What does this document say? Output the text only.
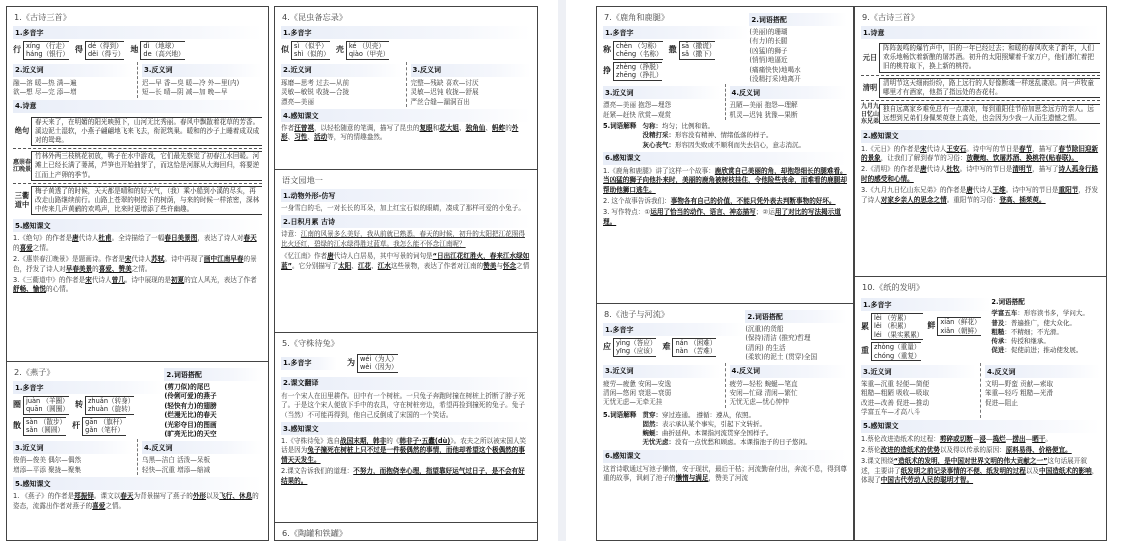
1.《古诗三首》
1.多音字
行 xíng （行走）
háng（银行）
得 dé（得到）
děi（得亏）
地 dì （地球）
de（高兴地）
2.近义词
融—溶 暖—热 满—遍
欲—想 尽—完 添—增
3.反义词
迟—早 香—臭 暖—冷 外—里(内)
短—长 晴—阴 减—加 晚—早
4.诗意
绝句
春天来了，在明媚的阳光映照下，山河无比秀丽。春风中飘散着花草的芳香。溪边泥土湿软，小燕子翩翩地飞来飞去，衔泥筑巢。暖和的沙子上睡着成双成对的鸳鸯。
惠崇春江晚景
竹林外两三枝桃花初放，鸭子在水中游戏，它们最先察觉了初春江水回暖。河滩上已经长满了蒌蒿，芦笋也开始抽芽了，而这恰是河豚从大海回归，将要逆江而上产卵的季节。
三衢道中
梅子黄透了的时候，天天都是晴和的好天气，（我）乘小船到小溪的尽头，再改走山路继续前行。山路上苍翠的树投下的树荫，与来的时候一样浓密，深林中传来几声黄鹂的欢鸣声，比来时更增添了些许幽趣。
5.感知课文
1.《绝句》的作者是唐代诗人杜甫。全诗描绘了一幅春日美景图，表达了诗人对春天的喜爱之情。
2.《惠崇春江晚景》是题画诗。作者是宋代诗人苏轼。诗中再现了画中江南早春的景色，抒发了诗人对早春美景的喜爱、赞美之情。
3.《三衢道中》的作者是宋代诗人曾几。诗中展现的是初夏的宜人风光，表达了作者舒畅、愉悦的心情。
2.《燕子》
1.多音字
圈 juàn （羊圈）
quān（圆圈）
转 zhuǎn（转身）
zhuàn（旋转）
散 sàn （散步）
sǎn（圆圆）
杆 gān （旗杆）
gǎn（笔杆）
2.词语搭配
(剪刀似)的尾巴
(伶俐可爱)的燕子
(轻快有力)的翅膀
(烂漫无比)的春天
(光彩夺目)的图画
(旷亮无比)的天空
3.近义词
俊俏—俊美 偶尔—偶然
增添—平添 聚拢—聚集
4.反义词
乌黑—洁白 活泼—呆板
轻快—沉重 增添—缩减
5.感知课文
1. 《燕子》的作者是郑振铎。课文以春天为背景描写了燕子的外形以及飞行、休息的姿态，流露出作者对燕子的喜爱之情。
4.《昆虫备忘录》
1.多音字
似 sì （似乎）
shì（似的）
壳 ké （贝壳）
qiào（甲壳）
2.近义词
琢磨—思考 过去—从前
灵敏—敏锐 收拢—合拢
漂亮—美丽
3.反义词
完整—残缺 喜欢—讨厌
灵敏—迟钝 收拢—舒展
严丝合缝—漏洞百出
4.感知课文
作者汪曾祺，以轻松随意的笔调，描写了昆虫的复眼和花大姐、独角仙、蚂蚱的外形、习性、活动等，写的情趣盎然。
语文园地一
1.动物外形-仿写
一身雪白的毛，一对长长的耳朵，加上红宝石似的眼睛，凑成了那样可爱的小兔子。
2.日积月累 古诗
诗意：江南的风景多么美好，我从前就已熟悉，春天的时候，初升的太阳把江花照得比火还红，碧绿的江水绿得胜过蓝草。我怎么能不怀念江南呢？
《忆江南》作者唐代诗人白居易，其中写景的词句是“日出江花红胜火，春来江水绿如蓝”。它分别描写了太阳、江花、江水这些景物，表达了作者对江南的赞美与怀念之情
5.《守株待兔》
1.多音字	为 wéi（为人）
wèi（因为）
2.课文翻译
有一个宋人在田里耕作。田中有一个树桩。一只兔子奔跑时撞在树桩上折断了脖子死了。于是这个宋人便放下手中的农具，守在树桩旁边，希望再捡到撞死的兔子。兔子（当然）不可能再得到，他自己反倒成了宋国的一个笑话。
3.感知课文
1.《守株待兔》选自战国末期，韩非的《韩非子·五蠹(dù)》。农夫之所以被宋国人笑话是因为兔子撞死在树桩上只不过是一件极偶然的事情，而他却希望这个极偶然的事情天天发生。
2.课文告诉我们的道理：不努力，而抱侥幸心理，指望靠好运气过日子，是不会有好结果的。
6.《陶罐和铁罐》
7.《鹿角和鹿腿》
1.多音字
称 chèn （匀称）
chēng（名称）
撒 sā（撒谎）
sǎ（撒下）
挣 zhèng（挣脱）
zhēng（挣扎）
2.词语搭配
(美丽)的珊瑚
(有力)的长腿
(凶猛)的狮子
(悄悄)地逼近
(痛痛快快)地喝水
(没精打采)地离开
3.近义词
漂亮—美丽 抱怨—埋怨
赶紧—赶快 欣赏—观赏
4.反义词
丑陋—美丽 抱怨—理解
机灵—迟钝 犹豫—果断
5.词语解释 匀称： 均匀；比例和谐。
没精打采： 形容没有精神、情绪低落的样子。
灰心丧气： 形容因失败或不顺利而失去信心，意志消沉。
6.感知课文
1.《鹿角和鹿腿》讲了这样一个故事：鹿欣赏自己美丽的角，却抱怨细长的腿难看。当凶猛的狮子向他扑来时，美丽的鹿角被树枝挂住，令他险些丧命，而难看的鹿腿却帮助他狮口逃生。
2. 这个故事告诉我们：事物各有自己的价值，不能只凭外表去判断事物的好坏。
3. 写作特点：①运用了恰当的动作、语言、神态描写；②运用了对比的写法揭示道理。
8.《池子与河流》
1.多音字
应 yìng（答应）
yīng（应该）
难 nán （困难）
nàn （苦难）
2.词语搭配
(沉重)的货船
(保持)清洁 (推究)哲理
(清闲) 的生活
(柔软)的泥土 (贯穿)全国
3.近义词
疲劳—疲惫 安闲—安逸
清闲—悠闲 衰退—衰弱
无忧无虑—无牵无挂
4.反义词
疲劳—轻松 蜿蜒—笔直
安闲—忙碌 清闲—繁忙
无忧无虑—忧心忡忡
5.词语解释 贯穿： 穿过连通。 遵循：遵从，依照。
固然： 表示承认某个事实，引起下文转折。
蜿蜒： 曲折延伸。本课指河流贯穿全国样子。
无忧无虑： 没有一点忧愁和顾虑。本课指池子的日子悠闲。
6.感知课文
这首诗歌通过写池子懒惰，安于现状，最后干枯；河流勤奋付出，奔流不息，得到尊重的故事，讽刺了池子的懒惰与满足，赞美了河流
9.《古诗三首》
1.诗意
元日
阵阵轰鸣的爆竹声中，旧的一年已经过去；和暖的春风吹来了新年，人们欢乐地畅饮着新酿的屠苏酒。初升的太阳照耀着千家万户，他们都忙着把旧的桃符取下，换上新的桃符。
清明 清明节这天细雨纷纷，路上远行的人好像断魂一样迷乱凄凉。问一声牧童哪里才有酒家，他指了指远处的杏花村。
九月九日忆山东兄弟
独自远离家乡难免总有一点凄凉，每到重阳佳节倍加思念远方的亲人。远远想到兄弟们身佩茱萸登上高处，也会因为少我一人而生遗憾之情。
2.感知课文
1.《元日》的作者是宋代诗人王安石。诗中写的节日是春节，描写了春节除旧迎新的景象，让我们了解到春节的习俗：放鞭炮、饮屠苏酒、换桃符(贴春联)。
2.《清明》的作者是唐代诗人杜牧。诗中写的节日是清明节，描写了诗人孤身行路时的感受和心情。
3.《九月九日忆山东兄弟》的作者是唐代诗人王维。诗中写的节日是重阳节，抒发了诗人对家乡亲人的思念之情。重阳节的习俗：登高、插茱萸。
10.《纸的发明》
1.多音字
累
lèi （劳累）
lěi （积累）
léi （果实累累）
鲜 xiān（鲜花）
xiǎn（朝鲜）
重 zhòng（重量）
chóng（重复）
2.词语搭配
学富五车 ：形容读书多，学问大。
普及 ：普遍推广，使大众化。
粗糙 ：不精细；不光滑。
传承 ：传授和继承。
促进 ：促使前进；推动使发展。
3.近义词
笨重—沉重 轻便—简便
粗糙—粗陋 吸收—吸取
改进—改善 促进—推动
学富五车—才高八斗
4.反义词
文明—野蛮 贡献—索取
笨重—轻巧 粗糙—光滑
促进—阻止
5.感知课文
1.蔡伦改进造纸术的过程：剪碎或切断—浸—捣烂—捞出—晒干。
2.蔡伦改进的造纸术的优势以及得以传承的原因：原料易得、价格便宜。
3.课文围绕“造纸术的发明，是中国对世界文明的伟大贡献之一”这句话展开叙述，主要讲了纸发明之前记录事情的不便、纸发明的过程以及中国造纸术的影响，体现了中国古代劳动人民的聪明才智。
